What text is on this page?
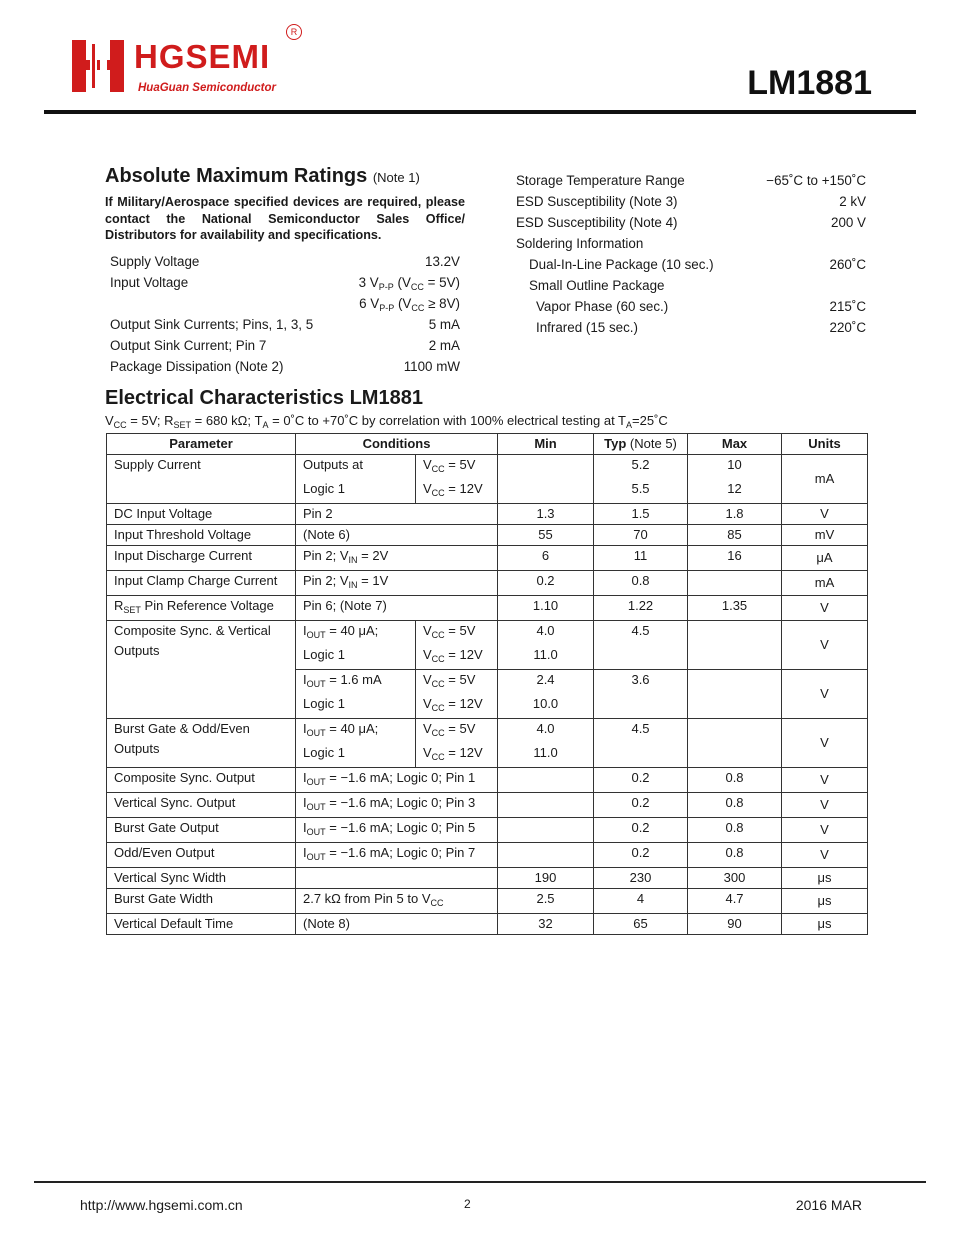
HGSEMI
HuaGuan Semiconductor
R
LM1881
Absolute Maximum Ratings (Note 1)
If Military/Aerospace specified devices are required, please contact the National Semiconductor Sales Office/ Distributors for availability and specifications.
Supply Voltage	13.2V
Input Voltage	3 $V_{P-P}$ $(V_{CC} = 5V)$
6 $V_{P-P}$ $(V_{CC} \ge 8V)$
Output Sink Currents; Pins, 1, 3, 5	5 mA
Output Sink Current; Pin 7	2 mA
Package Dissipation (Note 2)	1100 mW
Storage Temperature Range	−65˚C to +150˚C
ESD Susceptibility (Note 3)	2 kV
ESD Susceptibility (Note 4)	200 V
Soldering Information
Dual-In-Line Package (10 sec.)	260˚C
Small Outline Package
Vapor Phase (60 sec.)	215˚C
Infrared (15 sec.)	220˚C
Electrical Characteristics LM1881
$V_{CC} = 5V$; $R_{SET} = 680$ kΩ; $T_A$ = 0˚C to +70˚C by correlation with 100% electrical testing at $T_A=25˚C$
Parameter	Conditions		Min	Typ (Note 5)	Max	Units
Supply Current	Outputs at	$V_{CC} = 5V$		5.2	10	mA
	Logic 1	$V_{CC} = 12V$		5.5	12	
DC Input Voltage	Pin 2		1.3	1.5	1.8	V
Input Threshold Voltage	(Note 6)		55	70	85	mV
Input Discharge Current	Pin 2; $V_{IN} = 2V$		6	11	16	μA
Input Clamp Charge Current	Pin 2; $V_{IN} = 1V$		0.2	0.8		mA
$R_{SET}$ Pin Reference Voltage	Pin 6; (Note 7)		1.10	1.22	1.35	V
Composite Sync. & Vertical
Outputs	$I_{OUT} = 40$ μA;	$V_{CC} = 5V$	4.0	4.5		V
	Logic 1	$V_{CC} = 12V$	11.0			
	$I_{OUT} = 1.6$ mA	$V_{CC} = 5V$	2.4	3.6		V
	Logic 1	$V_{CC} = 12V$	10.0			
Burst Gate & Odd/Even
Outputs	$I_{OUT} = 40$ μA;	$V_{CC} = 5V$	4.0	4.5		V
	Logic 1	$V_{CC} = 12V$	11.0			
Composite Sync. Output	$I_{OUT} = -1.6$ mA; Logic 0; Pin 1			0.2	0.8	V
Vertical Sync. Output	$I_{OUT} = -1.6$ mA; Logic 0; Pin 3			0.2	0.8	V
Burst Gate Output	$I_{OUT} = -1.6$ mA; Logic 0; Pin 5			0.2	0.8	V
Odd/Even Output	$I_{OUT} = -1.6$ mA; Logic 0; Pin 7			0.2	0.8	V
Vertical Sync Width			190	230	300	μs
Burst Gate Width	2.7 kΩ from Pin 5 to $V_{CC}$		2.5	4	4.7	μs
Vertical Default Time	(Note 8)		32	65	90	μs
http://www.hgsemi.com.cn	2	2016 MAR
